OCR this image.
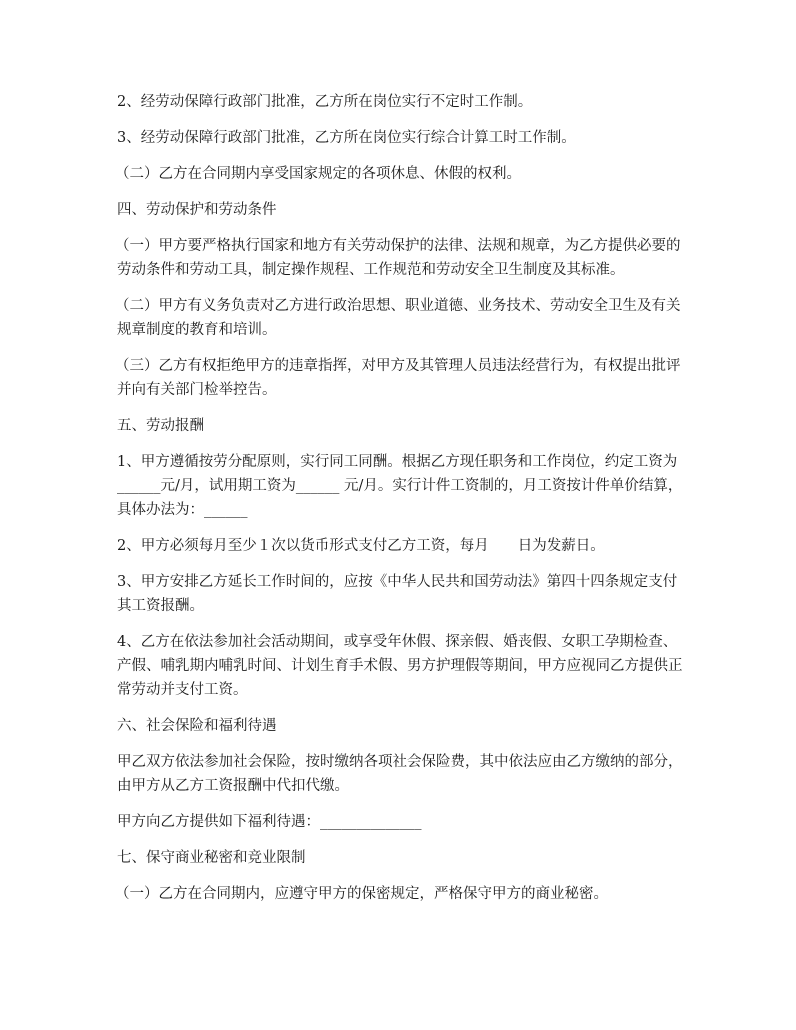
2、经劳动保障行政部门批准，乙方所在岗位实行不定时工作制。

3、经劳动保障行政部门批准，乙方所在岗位实行综合计算工时工作制。

（二）乙方在合同期内享受国家规定的各项休息、休假的权利。

四、劳动保护和劳动条件

（一）甲方要严格执行国家和地方有关劳动保护的法律、法规和规章，为乙方提供必要的劳动条件和劳动工具，制定操作规程、工作规范和劳动安全卫生制度及其标准。

（二）甲方有义务负责对乙方进行政治思想、职业道德、业务技术、劳动安全卫生及有关规章制度的教育和培训。

（三）乙方有权拒绝甲方的违章指挥，对甲方及其管理人员违法经营行为，有权提出批评并向有关部门检举控告。

五、劳动报酬

1、甲方遵循按劳分配原则，实行同工同酬。根据乙方现任职务和工作岗位，约定工资为______元/月，试用期工资为______ 元/月。实行计件工资制的，月工资按计件单价结算，具体办法为：______

2、甲方必须每月至少１次以货币形式支付乙方工资，每月　　日为发薪日。

3、甲方安排乙方延长工作时间的，应按《中华人民共和国劳动法》第四十四条规定支付其工资报酬。

4、乙方在依法参加社会活动期间，或享受年休假、探亲假、婚丧假、女职工孕期检查、产假、哺乳期内哺乳时间、计划生育手术假、男方护理假等期间，甲方应视同乙方提供正常劳动并支付工资。

六、社会保险和福利待遇

甲乙双方依法参加社会保险，按时缴纳各项社会保险费，其中依法应由乙方缴纳的部分，由甲方从乙方工资报酬中代扣代缴。

甲方向乙方提供如下福利待遇：______________

七、保守商业秘密和竞业限制

（一）乙方在合同期内，应遵守甲方的保密规定，严格保守甲方的商业秘密。
